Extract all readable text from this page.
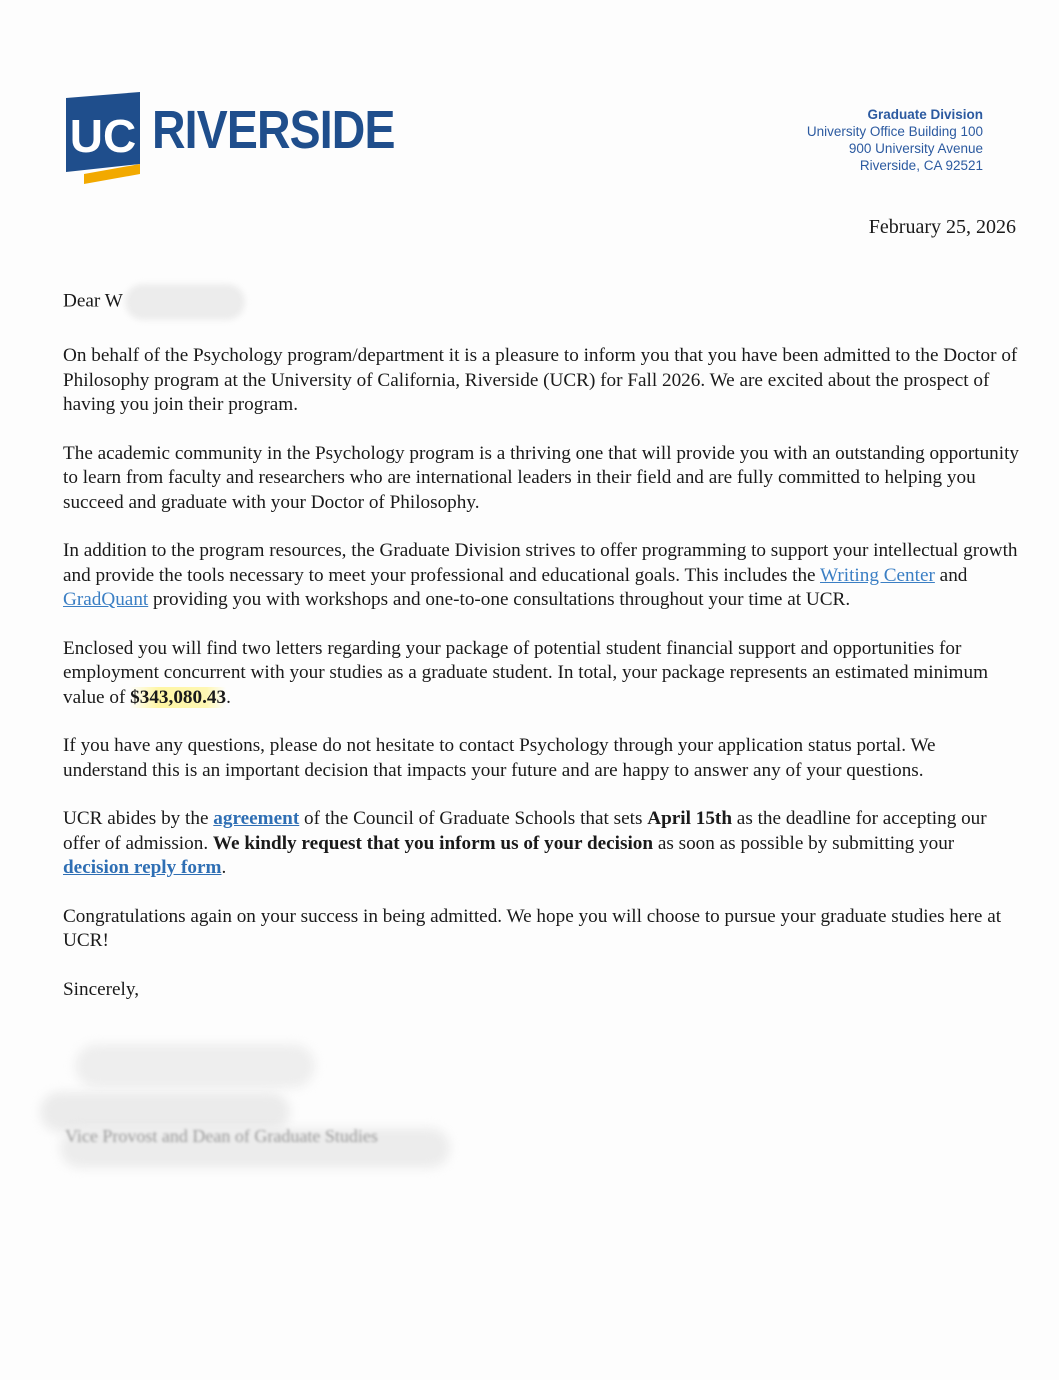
UC RIVERSIDE	Graduate Division
University Office Building 100
900 University Avenue
Riverside, CA 92521
February 25, 2026

Dear W

On behalf of the Psychology program/department it is a pleasure to inform you that you have been admitted to the Doctor of Philosophy program at the University of California, Riverside (UCR) for Fall 2026. We are excited about the prospect of having you join their program.

The academic community in the Psychology program is a thriving one that will provide you with an outstanding opportunity to learn from faculty and researchers who are international leaders in their field and are fully committed to helping you succeed and graduate with your Doctor of Philosophy.

In addition to the program resources, the Graduate Division strives to offer programming to support your intellectual growth and provide the tools necessary to meet your professional and educational goals. This includes the Writing Center and GradQuant providing you with workshops and one-to-one consultations throughout your time at UCR.

Enclosed you will find two letters regarding your package of potential student financial support and opportunities for employment concurrent with your studies as a graduate student. In total, your package represents an estimated minimum value of $343,080.43.

If you have any questions, please do not hesitate to contact Psychology through your application status portal. We understand this is an important decision that impacts your future and are happy to answer any of your questions.

UCR abides by the agreement of the Council of Graduate Schools that sets April 15th as the deadline for accepting our offer of admission. We kindly request that you inform us of your decision as soon as possible by submitting your decision reply form.

Congratulations again on your success in being admitted. We hope you will choose to pursue your graduate studies here at UCR!

Sincerely,

Vice Provost and Dean of Graduate Studies
